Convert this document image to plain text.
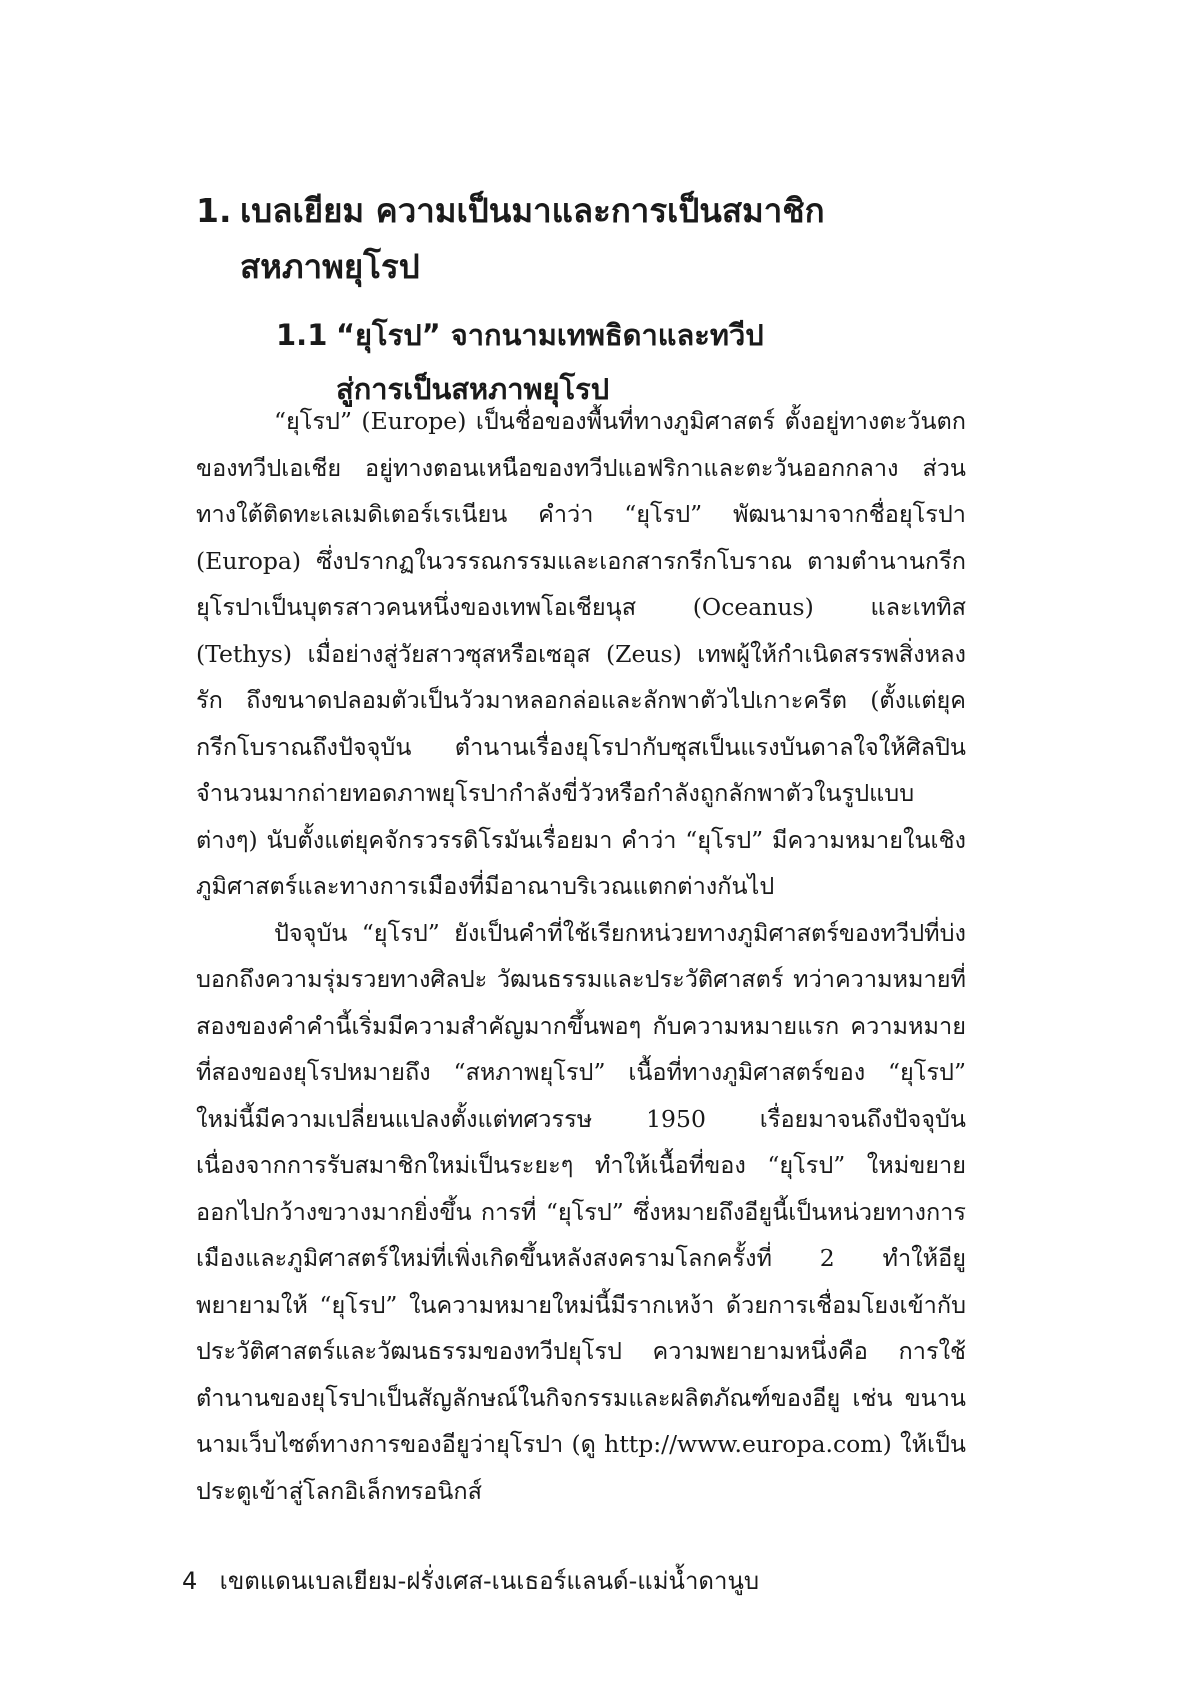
1. เบลเยียม ความเป็นมาและการเป็นสมาชิก
สหภาพยุโรป
1.1 “ยุโรป” จากนามเทพธิดาและทวีป
สู่การเป็นสหภาพยุโรป

“ยุโรป” (Europe) เป็นชื่อของพื้นที่ทางภูมิศาสตร์ ตั้งอยู่ทางตะวันตกของทวีปเอเชีย อยู่ทางตอนเหนือของทวีปแอฟริกาและตะวันออกกลาง ส่วนทางใต้ติดทะเลเมดิเตอร์เรเนียน คำว่า “ยุโรป” พัฒนามาจากชื่อยุโรปา (Europa) ซึ่งปรากฏในวรรณกรรมและเอกสารกรีกโบราณ ตามตำนานกรีก ยุโรปาเป็นบุตรสาวคนหนึ่งของเทพโอเชียนุส (Oceanus) และเททิส (Tethys) เมื่อย่างสู่วัยสาวซุสหรือเซอุส (Zeus) เทพผู้ให้กำเนิดสรรพสิ่งหลงรัก ถึงขนาดปลอมตัวเป็นวัวมาหลอกล่อและลักพาตัวไปเกาะครีต (ตั้งแต่ยุคกรีกโบราณถึงปัจจุบัน ตำนานเรื่องยุโรปากับซุสเป็นแรงบันดาลใจให้ศิลปินจำนวนมากถ่ายทอดภาพยุโรปากำลังขี่วัวหรือกำลังถูกลักพาตัวในรูปแบบต่างๆ) นับตั้งแต่ยุคจักรวรรดิโรมันเรื่อยมา คำว่า “ยุโรป” มีความหมายในเชิงภูมิศาสตร์และทางการเมืองที่มีอาณาบริเวณแตกต่างกันไป

ปัจจุบัน “ยุโรป” ยังเป็นคำที่ใช้เรียกหน่วยทางภูมิศาสตร์ของทวีปที่บ่งบอกถึงความรุ่มรวยทางศิลปะ วัฒนธรรมและประวัติศาสตร์ ทว่าความหมายที่สองของคำคำนี้เริ่มมีความสำคัญมากขึ้นพอๆ กับความหมายแรก ความหมายที่สองของยุโรปหมายถึง “สหภาพยุโรป” เนื้อที่ทางภูมิศาสตร์ของ “ยุโรป” ใหม่นี้มีความเปลี่ยนแปลงตั้งแต่ทศวรรษ 1950 เรื่อยมาจนถึงปัจจุบัน เนื่องจากการรับสมาชิกใหม่เป็นระยะๆ ทำให้เนื้อที่ของ “ยุโรป” ใหม่ขยายออกไปกว้างขวางมากยิ่งขึ้น การที่ “ยุโรป” ซึ่งหมายถึงอียูนี้เป็นหน่วยทางการเมืองและภูมิศาสตร์ใหม่ที่เพิ่งเกิดขึ้นหลังสงครามโลกครั้งที่ 2 ทำให้อียูพยายามให้ “ยุโรป” ในความหมายใหม่นี้มีรากเหง้า ด้วยการเชื่อมโยงเข้ากับประวัติศาสตร์และวัฒนธรรมของทวีปยุโรป ความพยายามหนึ่งคือ การใช้ตำนานของยุโรปาเป็นสัญลักษณ์ในกิจกรรมและผลิตภัณฑ์ของอียู เช่น ขนานนามเว็บไซต์ทางการของอียูว่ายุโรปา (ดู http://www.europa.com) ให้เป็นประตูเข้าสู่โลกอิเล็กทรอนิกส์

4 เขตแดนเบลเยียม-ฝรั่งเศส-เนเธอร์แลนด์-แม่น้ำดานูบ
